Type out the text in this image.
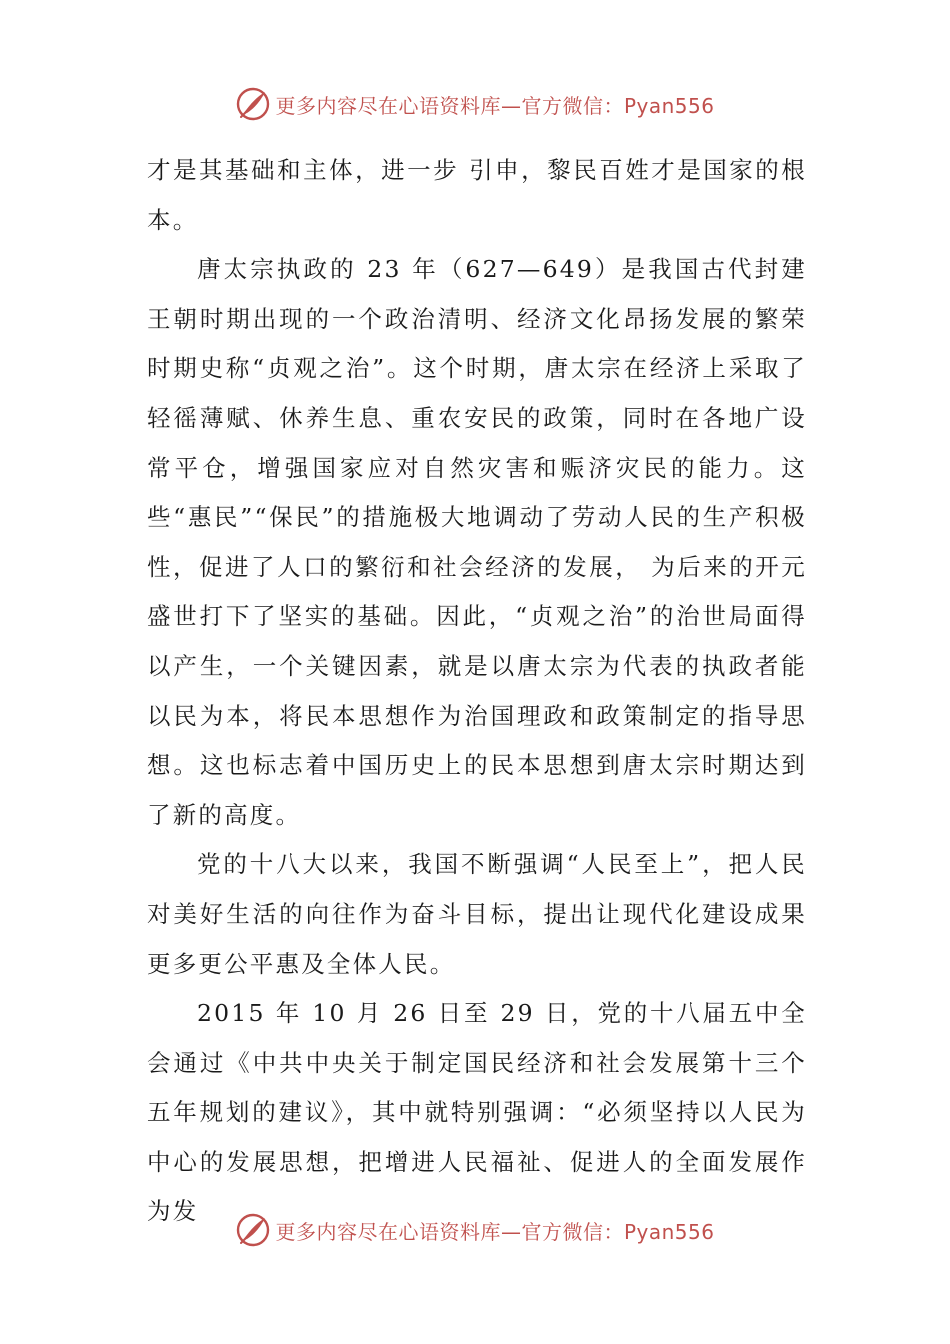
更多内容尽在心语资料库—官方微信：Pyan556

才是其基础和主体，进一步 引申，黎民百姓才是国家的根本。

唐太宗执政的 23 年（627—649）是我国古代封建王朝时期出现的一个政治清明、经济文化昂扬发展的繁荣时期史称“贞观之治”。这个时期，唐太宗在经济上采取了轻徭薄赋、休养生息、重农安民的政策，同时在各地广设常平仓，增强国家应对自然灾害和赈济灾民的能力。这些“惠民”“保民”的措施极大地调动了劳动人民的生产积极性，促进了人口的繁衍和社会经济的发展， 为后来的开元盛世打下了坚实的基础。因此，“贞观之治”的治世局面得以产生，一个关键因素，就是以唐太宗为代表的执政者能以民为本，将民本思想作为治国理政和政策制定的指导思想。这也标志着中国历史上的民本思想到唐太宗时期达到了新的高度。

党的十八大以来，我国不断强调“人民至上”，把人民对美好生活的向往作为奋斗目标，提出让现代化建设成果更多更公平惠及全体人民。

2015 年 10 月 26 日至 29 日，党的十八届五中全会通过《中共中央关于制定国民经济和社会发展第十三个五年规划的建议》，其中就特别强调：“必须坚持以人民为中心的发展思想，把增进人民福祉、促进人的全面发展作为发

更多内容尽在心语资料库—官方微信：Pyan556
